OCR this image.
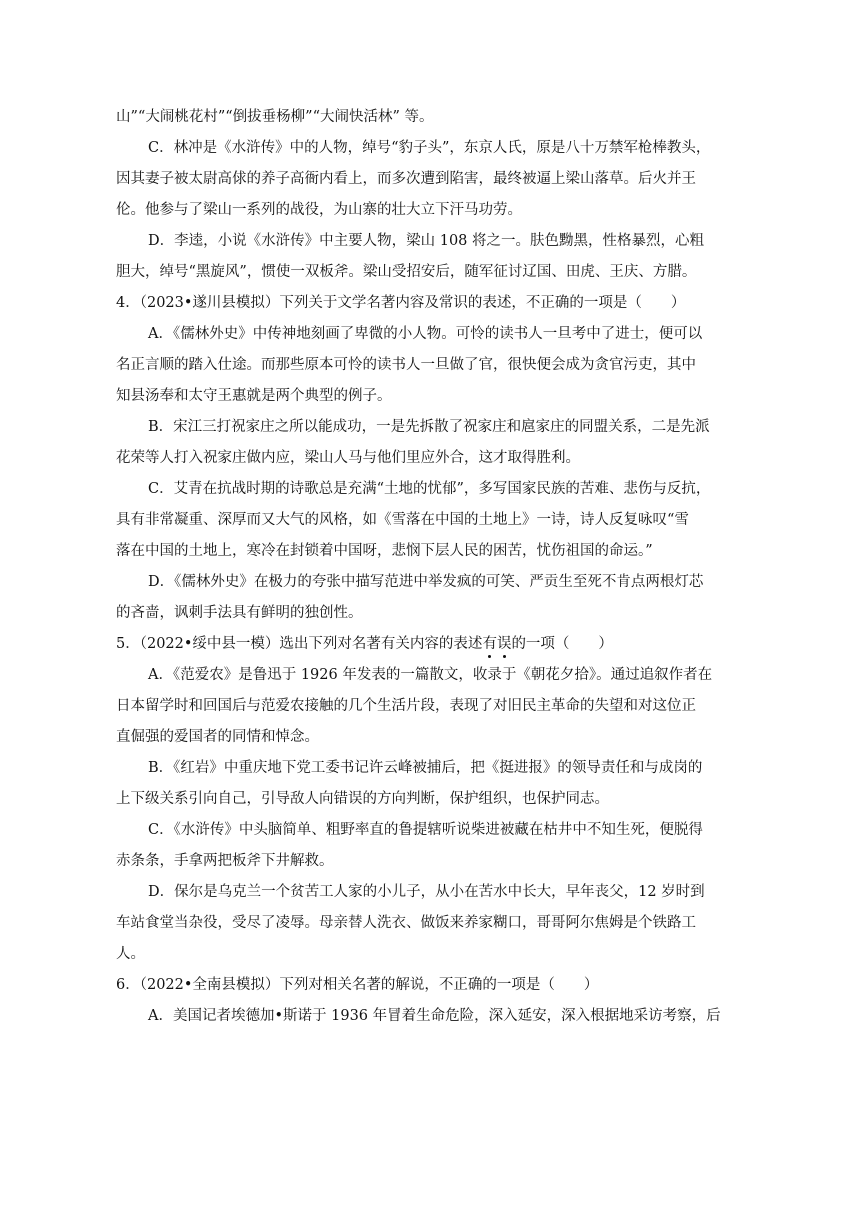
山”“大闹桃花村”“倒拔垂杨柳”“大闹快活林” 等。

C．林冲是《水浒传》中的人物，绰号“豹子头”，东京人氏，原是八十万禁军枪棒教头，

因其妻子被太尉高俅的养子高衙内看上，而多次遭到陷害，最终被逼上梁山落草。后火并王

伦。他参与了梁山一系列的战役，为山寨的壮大立下汗马功劳。

D．李逵，小说《水浒传》中主要人物，梁山 108 将之一。肤色黝黑，性格暴烈，心粗

胆大，绰号“黑旋风”，惯使一双板斧。梁山受招安后，随军征讨辽国、田虎、王庆、方腊。

4．（2023•遂川县模拟）下列关于文学名著内容及常识的表述，不正确的一项是（　　）

A．《儒林外史》中传神地刻画了卑微的小人物。可怜的读书人一旦考中了进士，便可以

名正言顺的踏入仕途。而那些原本可怜的读书人一旦做了官，很快便会成为贪官污吏，其中

知县汤奉和太守王惠就是两个典型的例子。

B．宋江三打祝家庄之所以能成功，一是先拆散了祝家庄和扈家庄的同盟关系，二是先派

花荣等人打入祝家庄做内应，梁山人马与他们里应外合，这才取得胜利。

C．艾青在抗战时期的诗歌总是充满“土地的忧郁”，多写国家民族的苦难、悲伤与反抗，

具有非常凝重、深厚而又大气的风格，如《雪落在中国的土地上》一诗，诗人反复咏叹“雪

落在中国的土地上，寒冷在封锁着中国呀，悲悯下层人民的困苦，忧伤祖国的命运。”

D．《儒林外史》在极力的夸张中描写范进中举发疯的可笑、严贡生至死不肯点两根灯芯

的吝啬，讽刺手法具有鲜明的独创性。

5．（2022•绥中县一模）选出下列对名著有关内容的表述有误的一项（　　）

A．《范爱农》是鲁迅于 1926 年发表的一篇散文，收录于《朝花夕拾》。通过追叙作者在

日本留学时和回国后与范爱农接触的几个生活片段，表现了对旧民主革命的失望和对这位正

直倔强的爱国者的同情和悼念。

B．《红岩》中重庆地下党工委书记许云峰被捕后，把《挺进报》的领导责任和与成岗的

上下级关系引向自己，引导敌人向错误的方向判断，保护组织，也保护同志。

C．《水浒传》中头脑简单、粗野率直的鲁提辖听说柴进被藏在枯井中不知生死，便脱得

赤条条，手拿两把板斧下井解救。

D．保尔是乌克兰一个贫苦工人家的小儿子，从小在苦水中长大，早年丧父，12 岁时到

车站食堂当杂役，受尽了凌辱。母亲替人洗衣、做饭来养家糊口，哥哥阿尔焦姆是个铁路工

人。

6．（2022•全南县模拟）下列对相关名著的解说，不正确的一项是（　　）

A．美国记者埃德加•斯诺于 1936 年冒着生命危险，深入延安，深入根据地采访考察，后
